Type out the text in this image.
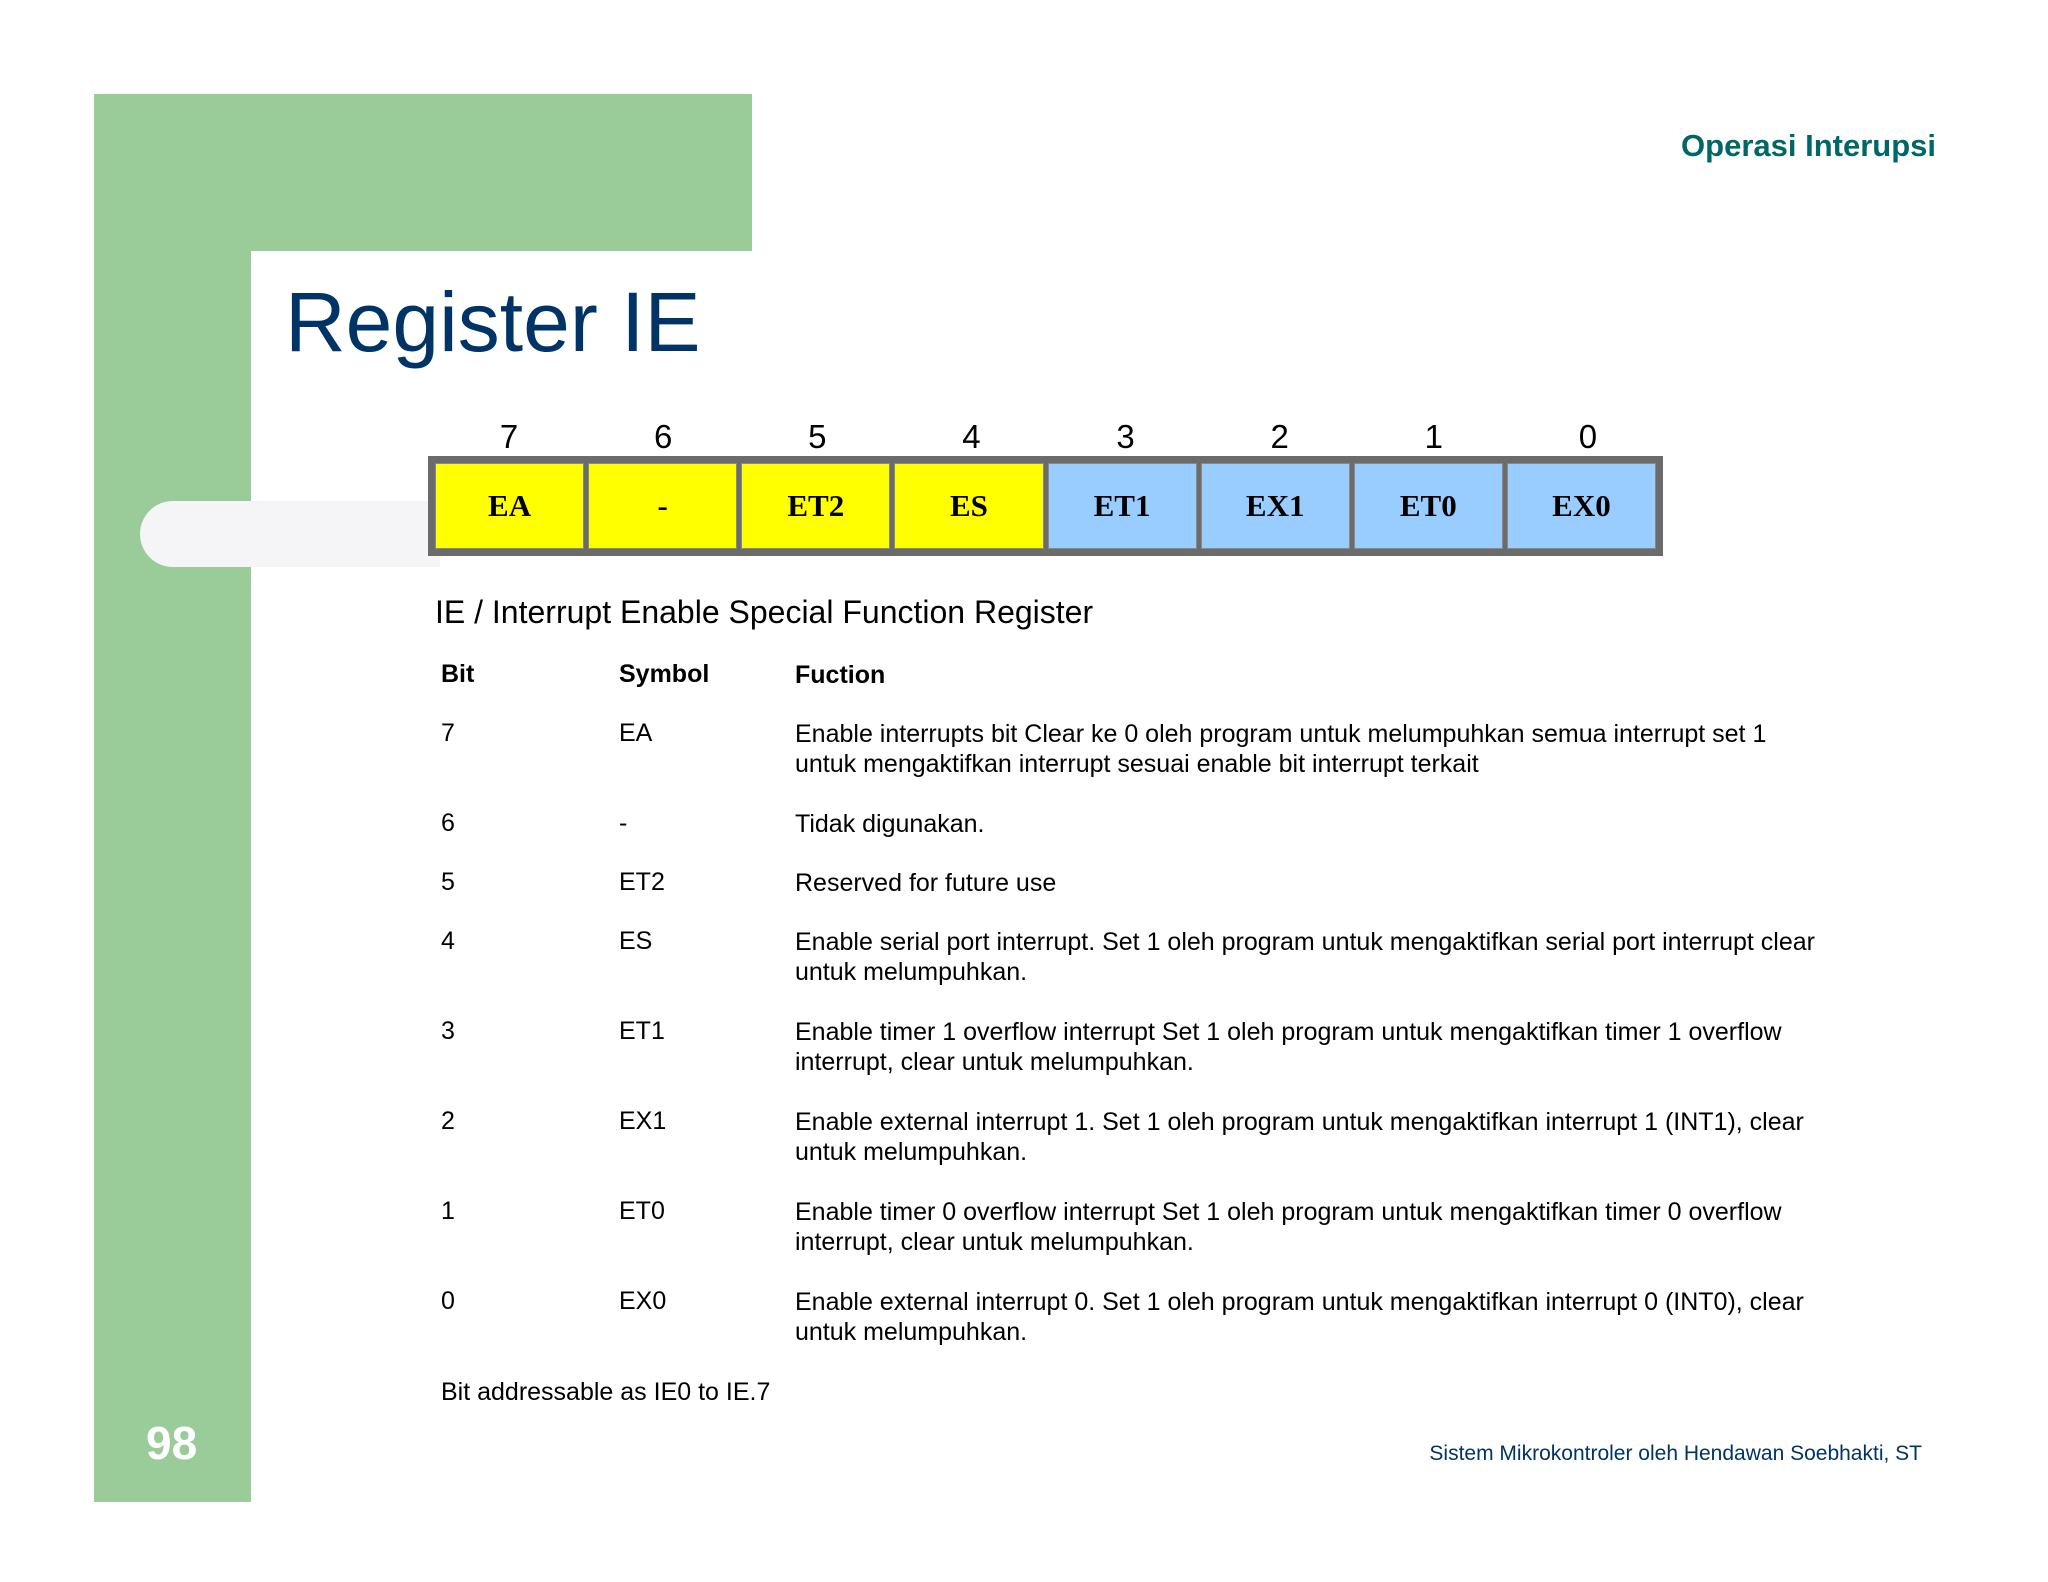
Operasi Interupsi
Register IE
7	6	5	4	3	2	1	0
EA	-	ET2	ES	ET1	EX1	ET0	EX0
IE / Interrupt Enable Special Function Register
Bit	Symbol	Fuction
7	EA	Enable interrupts bit Clear ke 0 oleh program untuk melumpuhkan semua interrupt set 1 untuk mengaktifkan interrupt sesuai enable bit interrupt terkait
6	-	Tidak digunakan.
5	ET2	Reserved for future use
4	ES	Enable serial port interrupt. Set 1 oleh program untuk mengaktifkan serial port interrupt clear untuk melumpuhkan.
3	ET1	Enable timer 1 overflow interrupt Set 1 oleh program untuk mengaktifkan timer 1 overflow interrupt, clear untuk melumpuhkan.
2	EX1	Enable external interrupt 1. Set 1 oleh program untuk mengaktifkan interrupt 1 (INT1), clear untuk melumpuhkan.
1	ET0	Enable timer 0 overflow interrupt Set 1 oleh program untuk mengaktifkan timer 0 overflow interrupt, clear untuk melumpuhkan.
0	EX0	Enable external interrupt 0. Set 1 oleh program untuk mengaktifkan interrupt 0 (INT0), clear untuk melumpuhkan.
Bit addressable as IE0 to IE.7
98	Sistem Mikrokontroler oleh Hendawan Soebhakti, ST
